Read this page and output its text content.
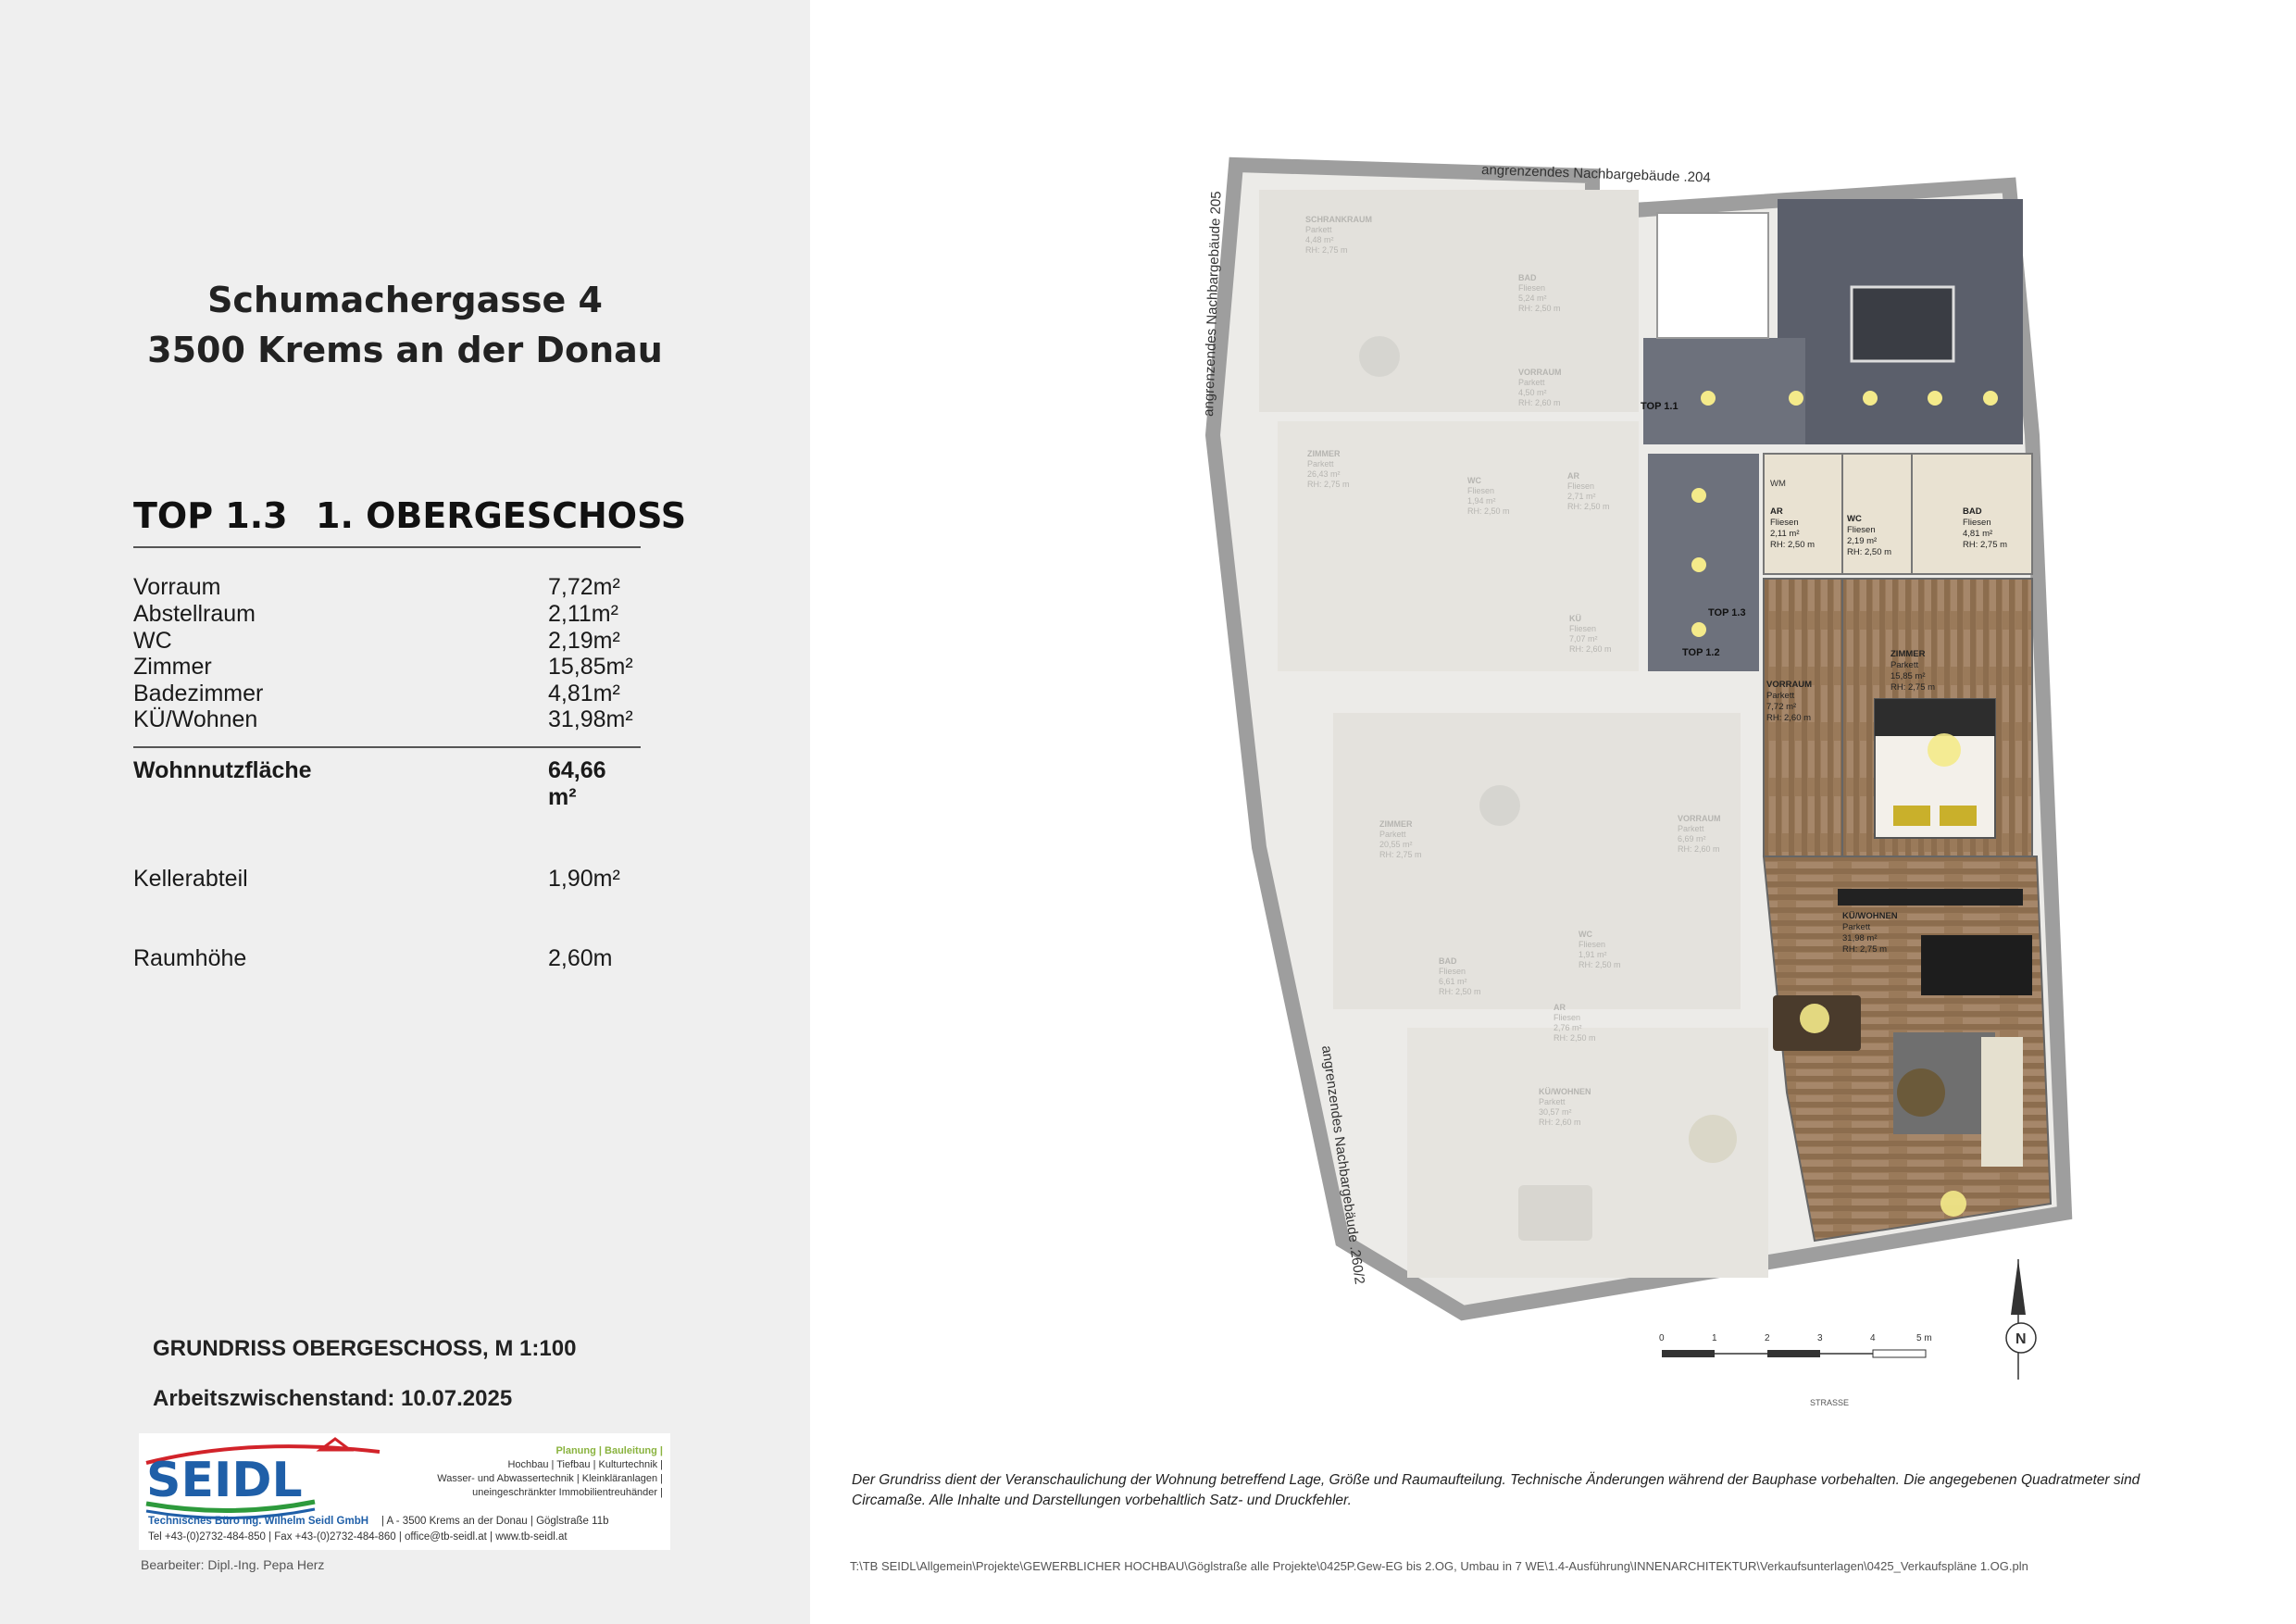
Schumachergasse 4
3500 Krems an der Donau
TOP 1.3 1. OBERGESCHOSS
Vorraum	7,72m²
Abstellraum	2,11m²
WC	2,19m²
Zimmer	15,85m²
Badezimmer	4,81m²
KÜ/Wohnen	31,98m²
Wohnnutzfläche	64,66 m²
Kellerabteil	1,90m²
Raumhöhe	2,60m
GRUNDRISS OBERGESCHOSS, M 1:100
Arbeitszwischenstand: 10.07.2025
SEIDL
Planung | Bauleitung |
Hochbau | Tiefbau | Kulturtechnik |
Wasser- und Abwassertechnik | Kleinkläranlagen |
uneingeschränkter Immobilientreuhänder |
Technisches Büro Ing. Wilhelm Seidl GmbH | A - 3500 Krems an der Donau | Göglstraße 11b
Tel +43-(0)2732-484-850 | Fax +43-(0)2732-484-860 | office@tb-seidl.at | www.tb-seidl.at
Bearbeiter: Dipl.-Ing. Pepa Herz
angrenzendes Nachbargebäude .204
angrenzendes Nachbargebäude 205
angrenzendes Nachbargebäude .260/2
TOP 1.1
TOP 1.3
TOP 1.2
WM
AR
Fliesen
2,11 m²
RH: 2,50 m
WC
Fliesen
2,19 m²
RH: 2,50 m
BAD
Fliesen
4,81 m²
RH: 2,75 m
VORRAUM
Parkett
7,72 m²
RH: 2,60 m
ZIMMER
Parkett
15,85 m²
RH: 2,75 m
KÜ/WOHNEN
Parkett
31,98 m²
RH: 2,75 m
SCHRANKRAUM
Parkett
4,48 m²
RH: 2,75 m
BAD
Fliesen
5,24 m²
RH: 2,50 m
VORRAUM
Parkett
4,50 m²
RH: 2,60 m
ZIMMER
Parkett
26,43 m²
RH: 2,75 m	WC
Fliesen
1,94 m²
RH: 2,50 m
AR
Fliesen
2,71 m²
RH: 2,50 m
KÜ
Fliesen
7,07 m²
RH: 2,60 m
ZIMMER
Parkett
20,55 m²
RH: 2,75 m
VORRAUM
Parkett
6,69 m²
RH: 2,60 m
BAD
Fliesen
6,61 m²
RH: 2,50 m
WC
Fliesen
1,91 m²
RH: 2,50 m
AR
Fliesen
2,76 m²
RH: 2,50 m
KÜ/WOHNEN
Parkett
30,57 m²
RH: 2,60 m
0	1	2	3	4	5 m
STRASSE
N
Der Grundriss dient der Veranschaulichung der Wohnung betreffend Lage, Größe und Raumaufteilung. Technische Änderungen während der Bauphase vorbehalten. Die angegebenen Quadratmeter sind Circamaße. Alle Inhalte und Darstellungen vorbehaltlich Satz- und Druckfehler.
T:\TB SEIDL\Allgemein\Projekte\GEWERBLICHER HOCHBAU\Göglstraße alle Projekte\0425P.Gew-EG bis 2.OG, Umbau in 7 WE\1.4-Ausführung\INNENARCHITEKTUR\Verkaufsunterlagen\0425_Verkaufspläne 1.OG.pln
